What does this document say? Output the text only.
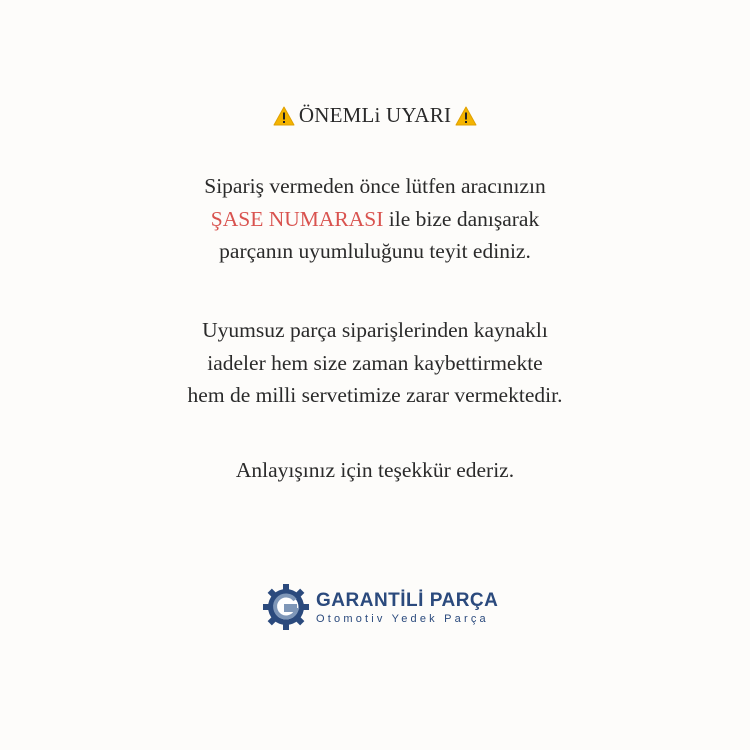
ÖNEMLi UYARI
Sipariş vermeden önce lütfen aracınızın
ŞASE NUMARASI ile bize danışarak
parçanın uyumluluğunu teyit ediniz.
Uyumsuz parça siparişlerinden kaynaklı
iadeler hem size zaman kaybettirmekte
hem de milli servetimize zarar vermektedir.
Anlayışınız için teşekkür ederiz.
GARANTİLİ PARÇA
Otomotiv Yedek Parça
